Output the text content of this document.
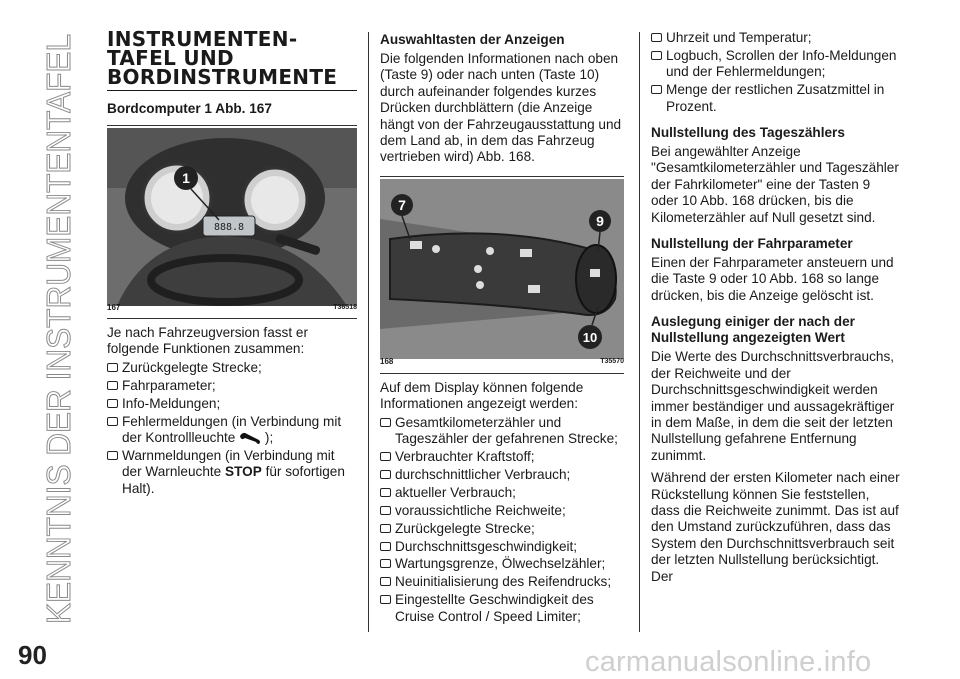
KENNTNIS DER INSTRUMENTENTAFEL
90
INSTRUMENTEN-
TAFEL UND
BORDINSTRUMENTE
Bordcomputer 1 Abb. 167
888.8
1
167	T36518

Je nach Fahrzeugversion fasst er folgende Funktionen zusammen:

Zurückgelegte Strecke;
Fahrparameter;
Info-Meldungen;
Fehlermeldungen (in Verbindung mit der Kontrollleuchte );
Warnmeldungen (in Verbindung mit der Warnleuchte STOP für sofortigen Halt).
Auswahltasten der Anzeigen

Die folgenden Informationen nach oben (Taste 9) oder nach unten (Taste 10) durch aufeinander folgendes kurzes Drücken durchblättern (die Anzeige hängt von der Fahrzeugausstattung und dem Land ab, in dem das Fahrzeug vertrieben wird) Abb. 168.

7
9
10
168	T35570

Auf dem Display können folgende Informationen angezeigt werden:

Gesamtkilometerzähler und Tageszähler der gefahrenen Strecke;
Verbrauchter Kraftstoff;
durchschnittlicher Verbrauch;
aktueller Verbrauch;
voraussichtliche Reichweite;
Zurückgelegte Strecke;
Durchschnittsgeschwindigkeit;
Wartungsgrenze, Ölwechselzähler;
Neuinitialisierung des Reifendrucks;
Eingestellte Geschwindigkeit des Cruise Control / Speed Limiter;
Uhrzeit und Temperatur;
Logbuch, Scrollen der Info-Meldungen und der Fehlermeldungen;
Menge der restlichen Zusatzmittel in Prozent.
Nullstellung des Tageszählers

Bei angewählter Anzeige "Gesamtkilometerzähler und Tageszähler der Fahrkilometer" eine der Tasten 9 oder 10 Abb. 168 drücken, bis die Kilometerzähler auf Null gesetzt sind.

Nullstellung der Fahrparameter

Einen der Fahrparameter ansteuern und die Taste 9 oder 10 Abb. 168 so lange drücken, bis die Anzeige gelöscht ist.

Auslegung einiger der nach der Nullstellung angezeigten Wert

Die Werte des Durchschnittsverbrauchs, der Reichweite und der Durchschnittsgeschwindigkeit werden immer beständiger und aussagekräftiger in dem Maße, in dem die seit der letzten Nullstellung gefahrene Entfernung zunimmt.

Während der ersten Kilometer nach einer Rückstellung können Sie feststellen, dass die Reichweite zunimmt. Das ist auf den Umstand zurückzuführen, dass das System den Durchschnittsverbrauch seit der letzten Nullstellung berücksichtigt. Der

carmanualsonline.info
